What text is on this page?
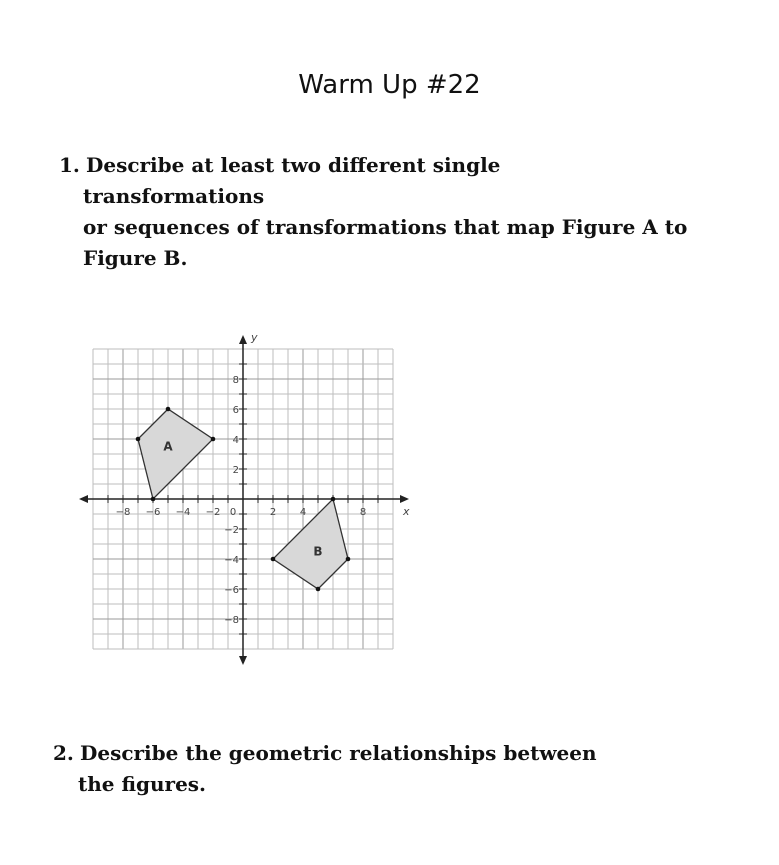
Warm Up #22
1. Describe at least two different single
transformations
or sequences of transformations that map Figure A to
Figure B.
−8 −6 −4 −2	2 4	8
8
6
4
2
−2
−4
−6
−8
0	x
y
A
B
2. Describe the geometric relationships between
the figures.
